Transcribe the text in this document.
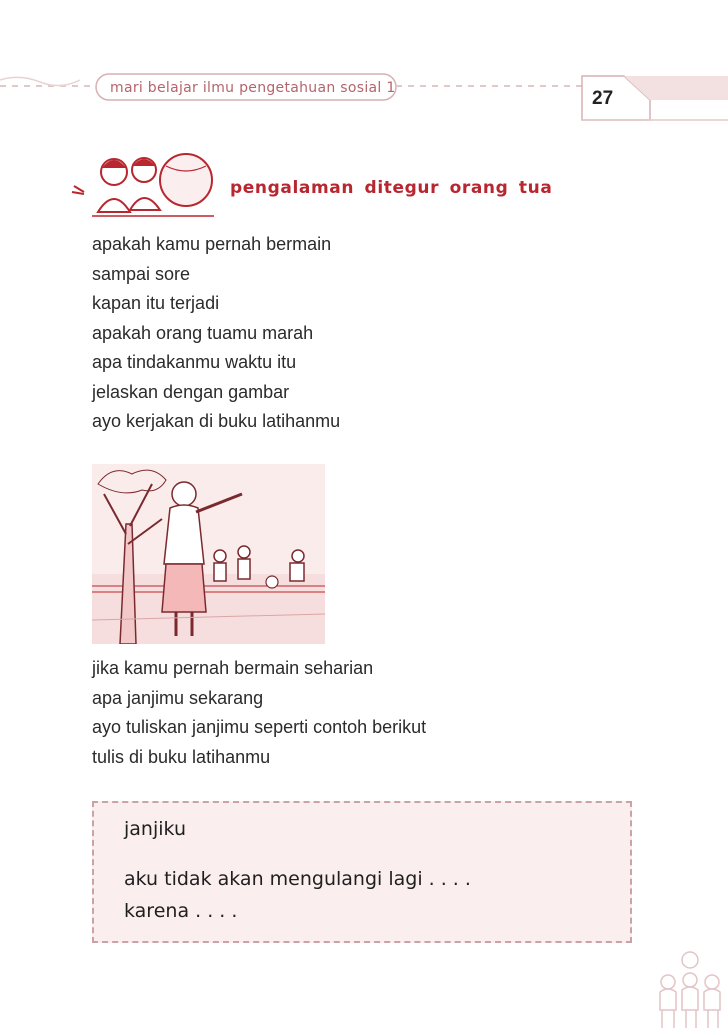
mari belajar ilmu pengetahuan sosial 1	27
pengalaman ditegur orang tua
apakah kamu pernah bermain
sampai sore
kapan itu terjadi
apakah orang tuamu marah
apa tindakanmu waktu itu
jelaskan dengan gambar
ayo kerjakan di buku latihanmu
jika kamu pernah bermain seharian
apa janjimu sekarang
ayo tuliskan janjimu seperti contoh berikut
tulis di buku latihanmu
janjiku
aku tidak akan mengulangi lagi . . . .
karena . . . .
